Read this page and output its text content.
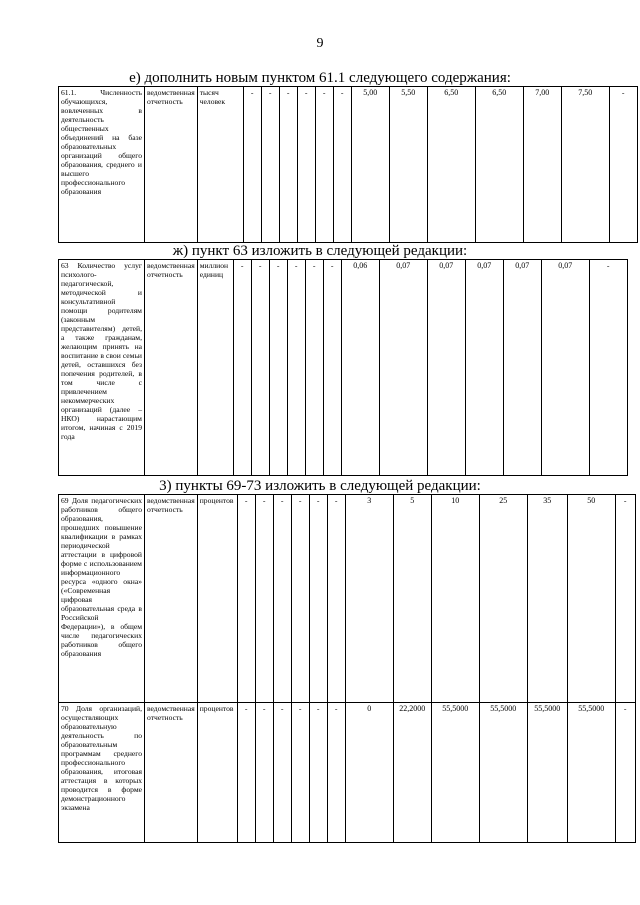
9
е) дополнить новым пунктом 61.1 следующего содержания:
61.1. Численность обучающихся, вовлеченных в деятельность общественных объединений на базе образовательных организаций общего образования, среднего и высшего профессионального образования	ведомственная отчетность	тысяч человек	-	-	-	-	-	-	5,00	5,50	6,50	6,50	7,00	7,50	-
ж) пункт 63 изложить в следующей редакции:
63 Количество услуг психолого-педагогической, методической и консультативной помощи родителям (законным представителям) детей, а также гражданам, желающим принять на воспитание в свои семьи детей, оставшихся без попечения родителей, в том числе с привлечением некоммерческих организаций (далее – НКО) нарастающим итогом, начиная с 2019 года	ведомственная отчетность	миллион единиц	-	-	-	-	-	-	0,06	0,07	0,07	0,07	0,07	0,07	-
3) пункты 69-73 изложить в следующей редакции:
69 Доля педагогических работников общего образования, прошедших повышение квалификации в рамках периодической аттестации в цифровой форме с использованием информационного ресурса «одного окна» («Современная цифровая образовательная среда в Российской Федерации»), в общем числе педагогических работников общего образования	ведомственная отчетность	процентов	-	-	-	-	-	-	3	5	10	25	35	50	-
70 Доля организаций, осуществляющих образовательную деятельность по образовательным программам среднего профессионального образования, итоговая аттестация в которых проводится в форме демонстрационного экзамена	ведомственная отчетность	процентов	-	-	-	-	-	-	0	22,2000	55,5000	55,5000	55,5000	55,5000	-
